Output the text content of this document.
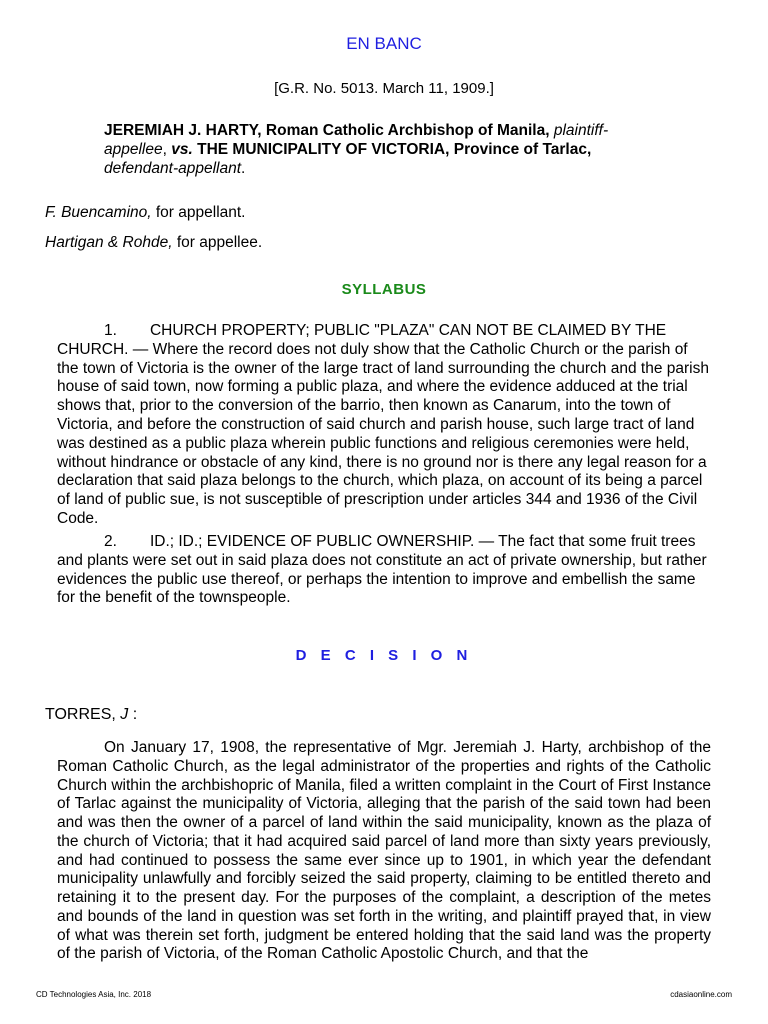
EN BANC
[G.R. No. 5013. March 11, 1909.]
JEREMIAH J. HARTY, Roman Catholic Archbishop of Manila, plaintiff-appellee, vs. THE MUNICIPALITY OF VICTORIA, Province of Tarlac, defendant-appellant.
F. Buencamino, for appellant.
Hartigan & Rohde, for appellee.
SYLLABUS
1. CHURCH PROPERTY; PUBLIC "PLAZA" CAN NOT BE CLAIMED BY THE CHURCH. — Where the record does not duly show that the Catholic Church or the parish of the town of Victoria is the owner of the large tract of land surrounding the church and the parish house of said town, now forming a public plaza, and where the evidence adduced at the trial shows that, prior to the conversion of the barrio, then known as Canarum, into the town of Victoria, and before the construction of said church and parish house, such large tract of land was destined as a public plaza wherein public functions and religious ceremonies were held, without hindrance or obstacle of any kind, there is no ground nor is there any legal reason for a declaration that said plaza belongs to the church, which plaza, on account of its being a parcel of land of public sue, is not susceptible of prescription under articles 344 and 1936 of the Civil Code.
2. ID.; ID.; EVIDENCE OF PUBLIC OWNERSHIP. — The fact that some fruit trees and plants were set out in said plaza does not constitute an act of private ownership, but rather evidences the public use thereof, or perhaps the intention to improve and embellish the same for the benefit of the townspeople.
D E C I S I O N
TORRES, J :
On January 17, 1908, the representative of Mgr. Jeremiah J. Harty, archbishop of the Roman Catholic Church, as the legal administrator of the properties and rights of the Catholic Church within the archbishopric of Manila, filed a written complaint in the Court of First Instance of Tarlac against the municipality of Victoria, alleging that the parish of the said town had been and was then the owner of a parcel of land within the said municipality, known as the plaza of the church of Victoria; that it had acquired said parcel of land more than sixty years previously, and had continued to possess the same ever since up to 1901, in which year the defendant municipality unlawfully and forcibly seized the said property, claiming to be entitled thereto and retaining it to the present day. For the purposes of the complaint, a description of the metes and bounds of the land in question was set forth in the writing, and plaintiff prayed that, in view of what was therein set forth, judgment be entered holding that the said land was the property of the parish of Victoria, of the Roman Catholic Apostolic Church, and that the
CD Technologies Asia, Inc. 2018	cdasiaonline.com
